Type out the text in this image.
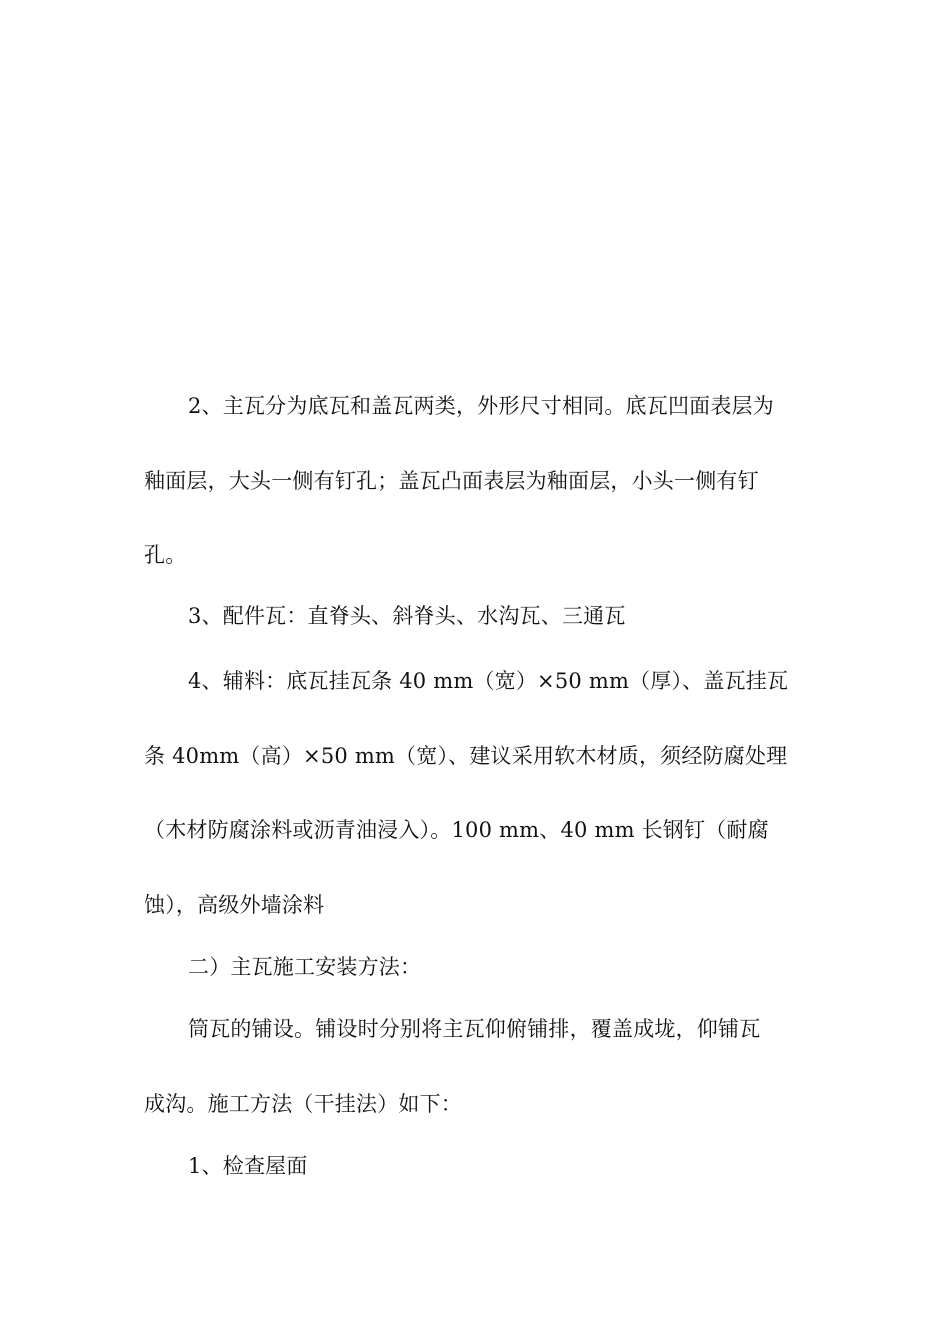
2、主瓦分为底瓦和盖瓦两类，外形尺寸相同。底瓦凹面表层为
釉面层，大头一侧有钉孔；盖瓦凸面表层为釉面层，小头一侧有钉
孔。
3、配件瓦：直脊头、斜脊头、水沟瓦、三通瓦
4、辅料：底瓦挂瓦条 40 mm（宽）×50 mm（厚）、盖瓦挂瓦
条 40mm（高）×50 mm（宽）、建议采用软木材质，须经防腐处理
（木材防腐涂料或沥青油浸入）。100 mm、40 mm 长钢钉（耐腐
蚀），高级外墙涂料
二）主瓦施工安装方法：
筒瓦的铺设。铺设时分别将主瓦仰俯铺排，覆盖成垅，仰铺瓦
成沟。施工方法（干挂法）如下：
1、检查屋面
